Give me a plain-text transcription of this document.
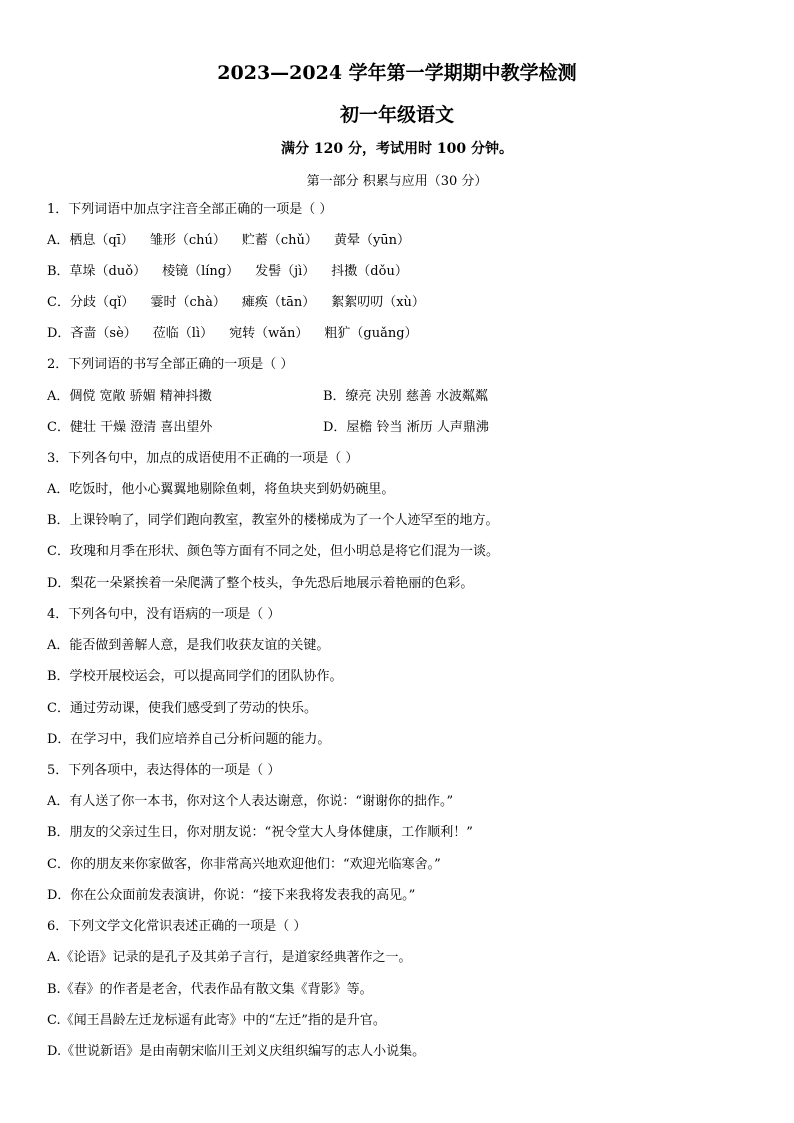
2023—2024 学年第一学期期中教学检测
初一年级语文
满分 120 分，考试用时 100 分钟。
第一部分 积累与应用（30 分）
1．下列词语中加点字注音全部正确的一项是（ ）
A．栖息（qī） 雏形（chú） 贮蓄（chǔ） 黄晕（yūn）
B．草垛（duǒ） 棱镜（líng） 发髻（jì） 抖擞（dǒu）
C．分歧（qǐ） 霎时（chà） 瘫痪（tān） 絮絮叨叨（xù）
D．吝啬（sè） 莅临（lì） 宛转（wǎn） 粗犷（guǎng）
2．下列词语的书写全部正确的一项是（ ）
A．倜傥 宽敞 骄媚 精神抖擞	B．缭亮 决别 慈善 水波粼粼
C．健壮 干燥 澄清 喜出望外	D．屋檐 铃当 淅历 人声鼎沸
3．下列各句中，加点的成语使用不正确的一项是（ ）
A．吃饭时，他小心翼翼地剔除鱼刺，将鱼块夹到奶奶碗里。
B．上课铃响了，同学们跑向教室，教室外的楼梯成为了一个人迹罕至的地方。
C．玫瑰和月季在形状、颜色等方面有不同之处，但小明总是将它们混为一谈。
D．梨花一朵紧挨着一朵爬满了整个枝头，争先恐后地展示着艳丽的色彩。
4．下列各句中，没有语病的一项是（ ）
A．能否做到善解人意，是我们收获友谊的关键。
B．学校开展校运会，可以提高同学们的团队协作。
C．通过劳动课，使我们感受到了劳动的快乐。
D．在学习中，我们应培养自己分析问题的能力。
5．下列各项中，表达得体的一项是（ ）
A．有人送了你一本书，你对这个人表达谢意，你说：“谢谢你的拙作。”
B．朋友的父亲过生日，你对朋友说：“祝令堂大人身体健康，工作顺利！”
C．你的朋友来你家做客，你非常高兴地欢迎他们：“欢迎光临寒舍。”
D．你在公众面前发表演讲，你说：“接下来我将发表我的高见。”
6．下列文学文化常识表述正确的一项是（ ）
A.《论语》记录的是孔子及其弟子言行，是道家经典著作之一。
B.《春》的作者是老舍，代表作品有散文集《背影》等。
C.《闻王昌龄左迁龙标遥有此寄》中的“左迁”指的是升官。
D.《世说新语》是由南朝宋临川王刘义庆组织编写的志人小说集。
